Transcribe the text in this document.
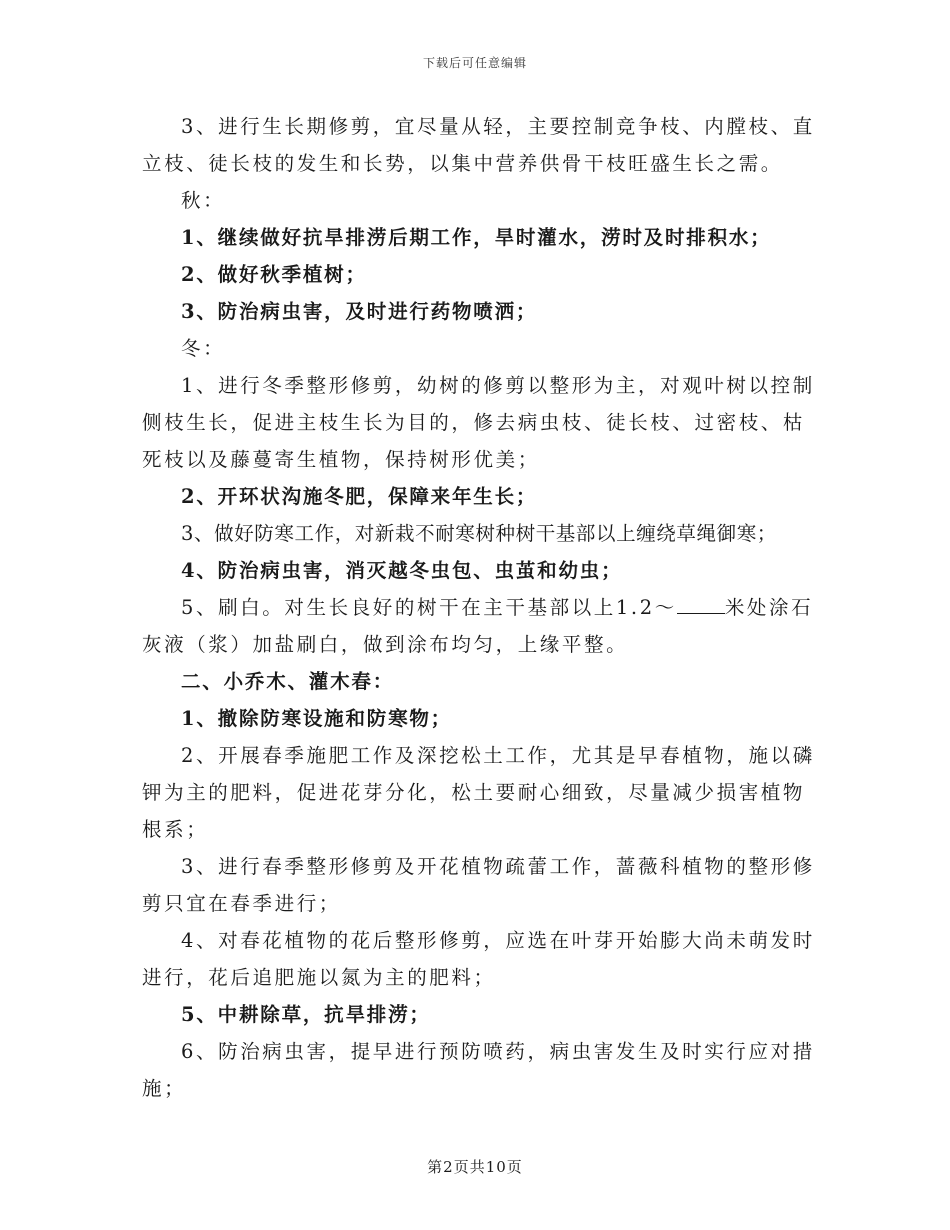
下载后可任意编辑

3、进行生长期修剪，宜尽量从轻，主要控制竞争枝、内膛枝、直立枝、徒长枝的发生和长势，以集中营养供骨干枝旺盛生长之需。

秋：

1、继续做好抗旱排涝后期工作，旱时灌水，涝时及时排积水；

2、做好秋季植树；

3、防治病虫害，及时进行药物喷洒；

冬：

1、进行冬季整形修剪，幼树的修剪以整形为主，对观叶树以控制侧枝生长，促进主枝生长为目的，修去病虫枝、徒长枝、过密枝、枯死枝以及藤蔓寄生植物，保持树形优美；

2、开环状沟施冬肥，保障来年生长；

3、做好防寒工作，对新栽不耐寒树种树干基部以上缠绕草绳御寒；

4、防治病虫害，消灭越冬虫包、虫茧和幼虫；

5、刷白。对生长良好的树干在主干基部以上1.2～ 米处涂石灰液（浆）加盐刷白，做到涂布均匀，上缘平整。

二、小乔木、灌木春：

1、撤除防寒设施和防寒物；

2、开展春季施肥工作及深挖松土工作，尤其是早春植物，施以磷钾为主的肥料，促进花芽分化，松土要耐心细致，尽量减少损害植物根系；

3、进行春季整形修剪及开花植物疏蕾工作，蔷薇科植物的整形修剪只宜在春季进行；

4、对春花植物的花后整形修剪，应选在叶芽开始膨大尚未萌发时进行，花后追肥施以氮为主的肥料；

5、中耕除草，抗旱排涝；

6、防治病虫害，提早进行预防喷药，病虫害发生及时实行应对措施；

第2页共10页
